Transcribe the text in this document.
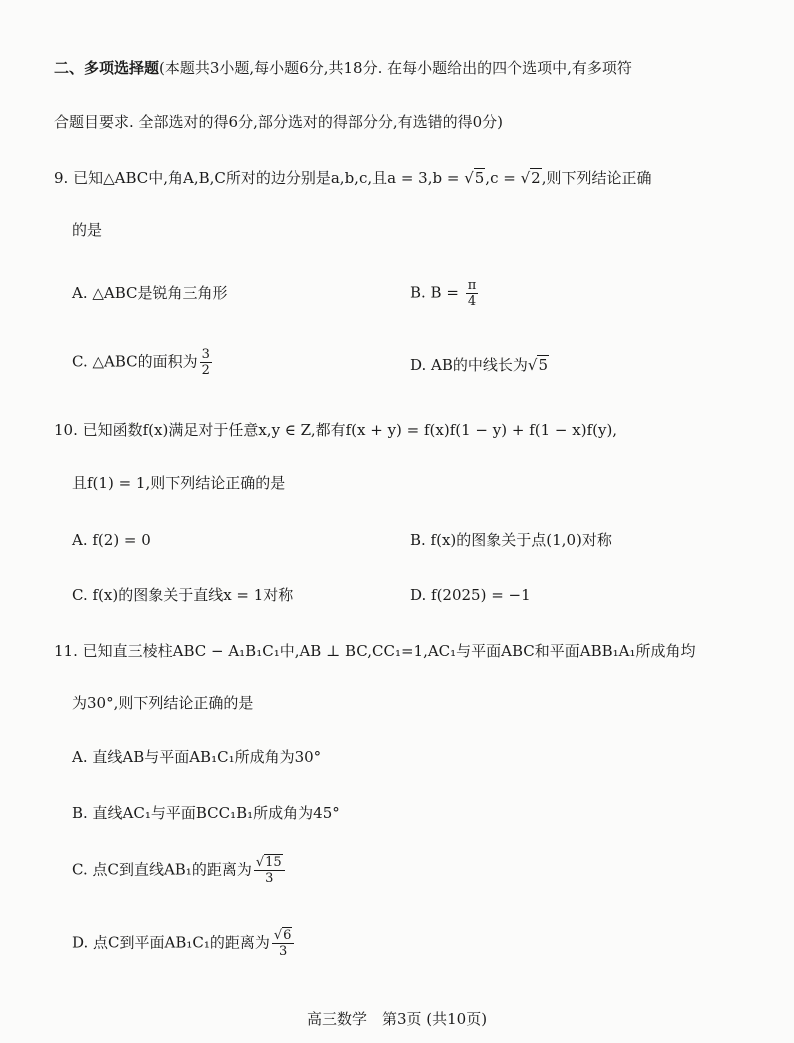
二、多项选择题(本题共3小题,每小题6分,共18分. 在每小题给出的四个选项中,有多项符
合题目要求. 全部选对的得6分,部分选对的得部分分,有选错的得0分)
9. 已知△ABC中,角A,B,C所对的边分别是a,b,c,且a = 3,b = √5,c = √2,则下列结论正确
的是
A. △ABC是锐角三角形	B. $B = \frac{\pi}{4}$
C. △ABC的面积为 $\frac{3}{2}$	D. AB的中线长为√5
10. 已知函数f(x)满足对于任意x,y ∈ Z,都有f(x + y) = f(x)f(1 − y) + f(1 − x)f(y),
且f(1) = 1,则下列结论正确的是
A. f(2) = 0	B. f(x)的图象关于点(1,0)对称
C. f(x)的图象关于直线x = 1对称	D. f(2025) = −1
11. 已知直三棱柱ABC − A₁B₁C₁中,AB ⊥ BC,CC₁=1,AC₁与平面ABC和平面ABB₁A₁所成角均
为30°,则下列结论正确的是
A. 直线AB与平面AB₁C₁所成角为30°
B. 直线AC₁与平面BCC₁B₁所成角为45°
C. 点C到直线AB₁的距离为 $\frac{√15}{3}$
D. 点C到平面AB₁C₁的距离为 $\frac{√6}{3}$
高三数学　第3页 (共10页)
